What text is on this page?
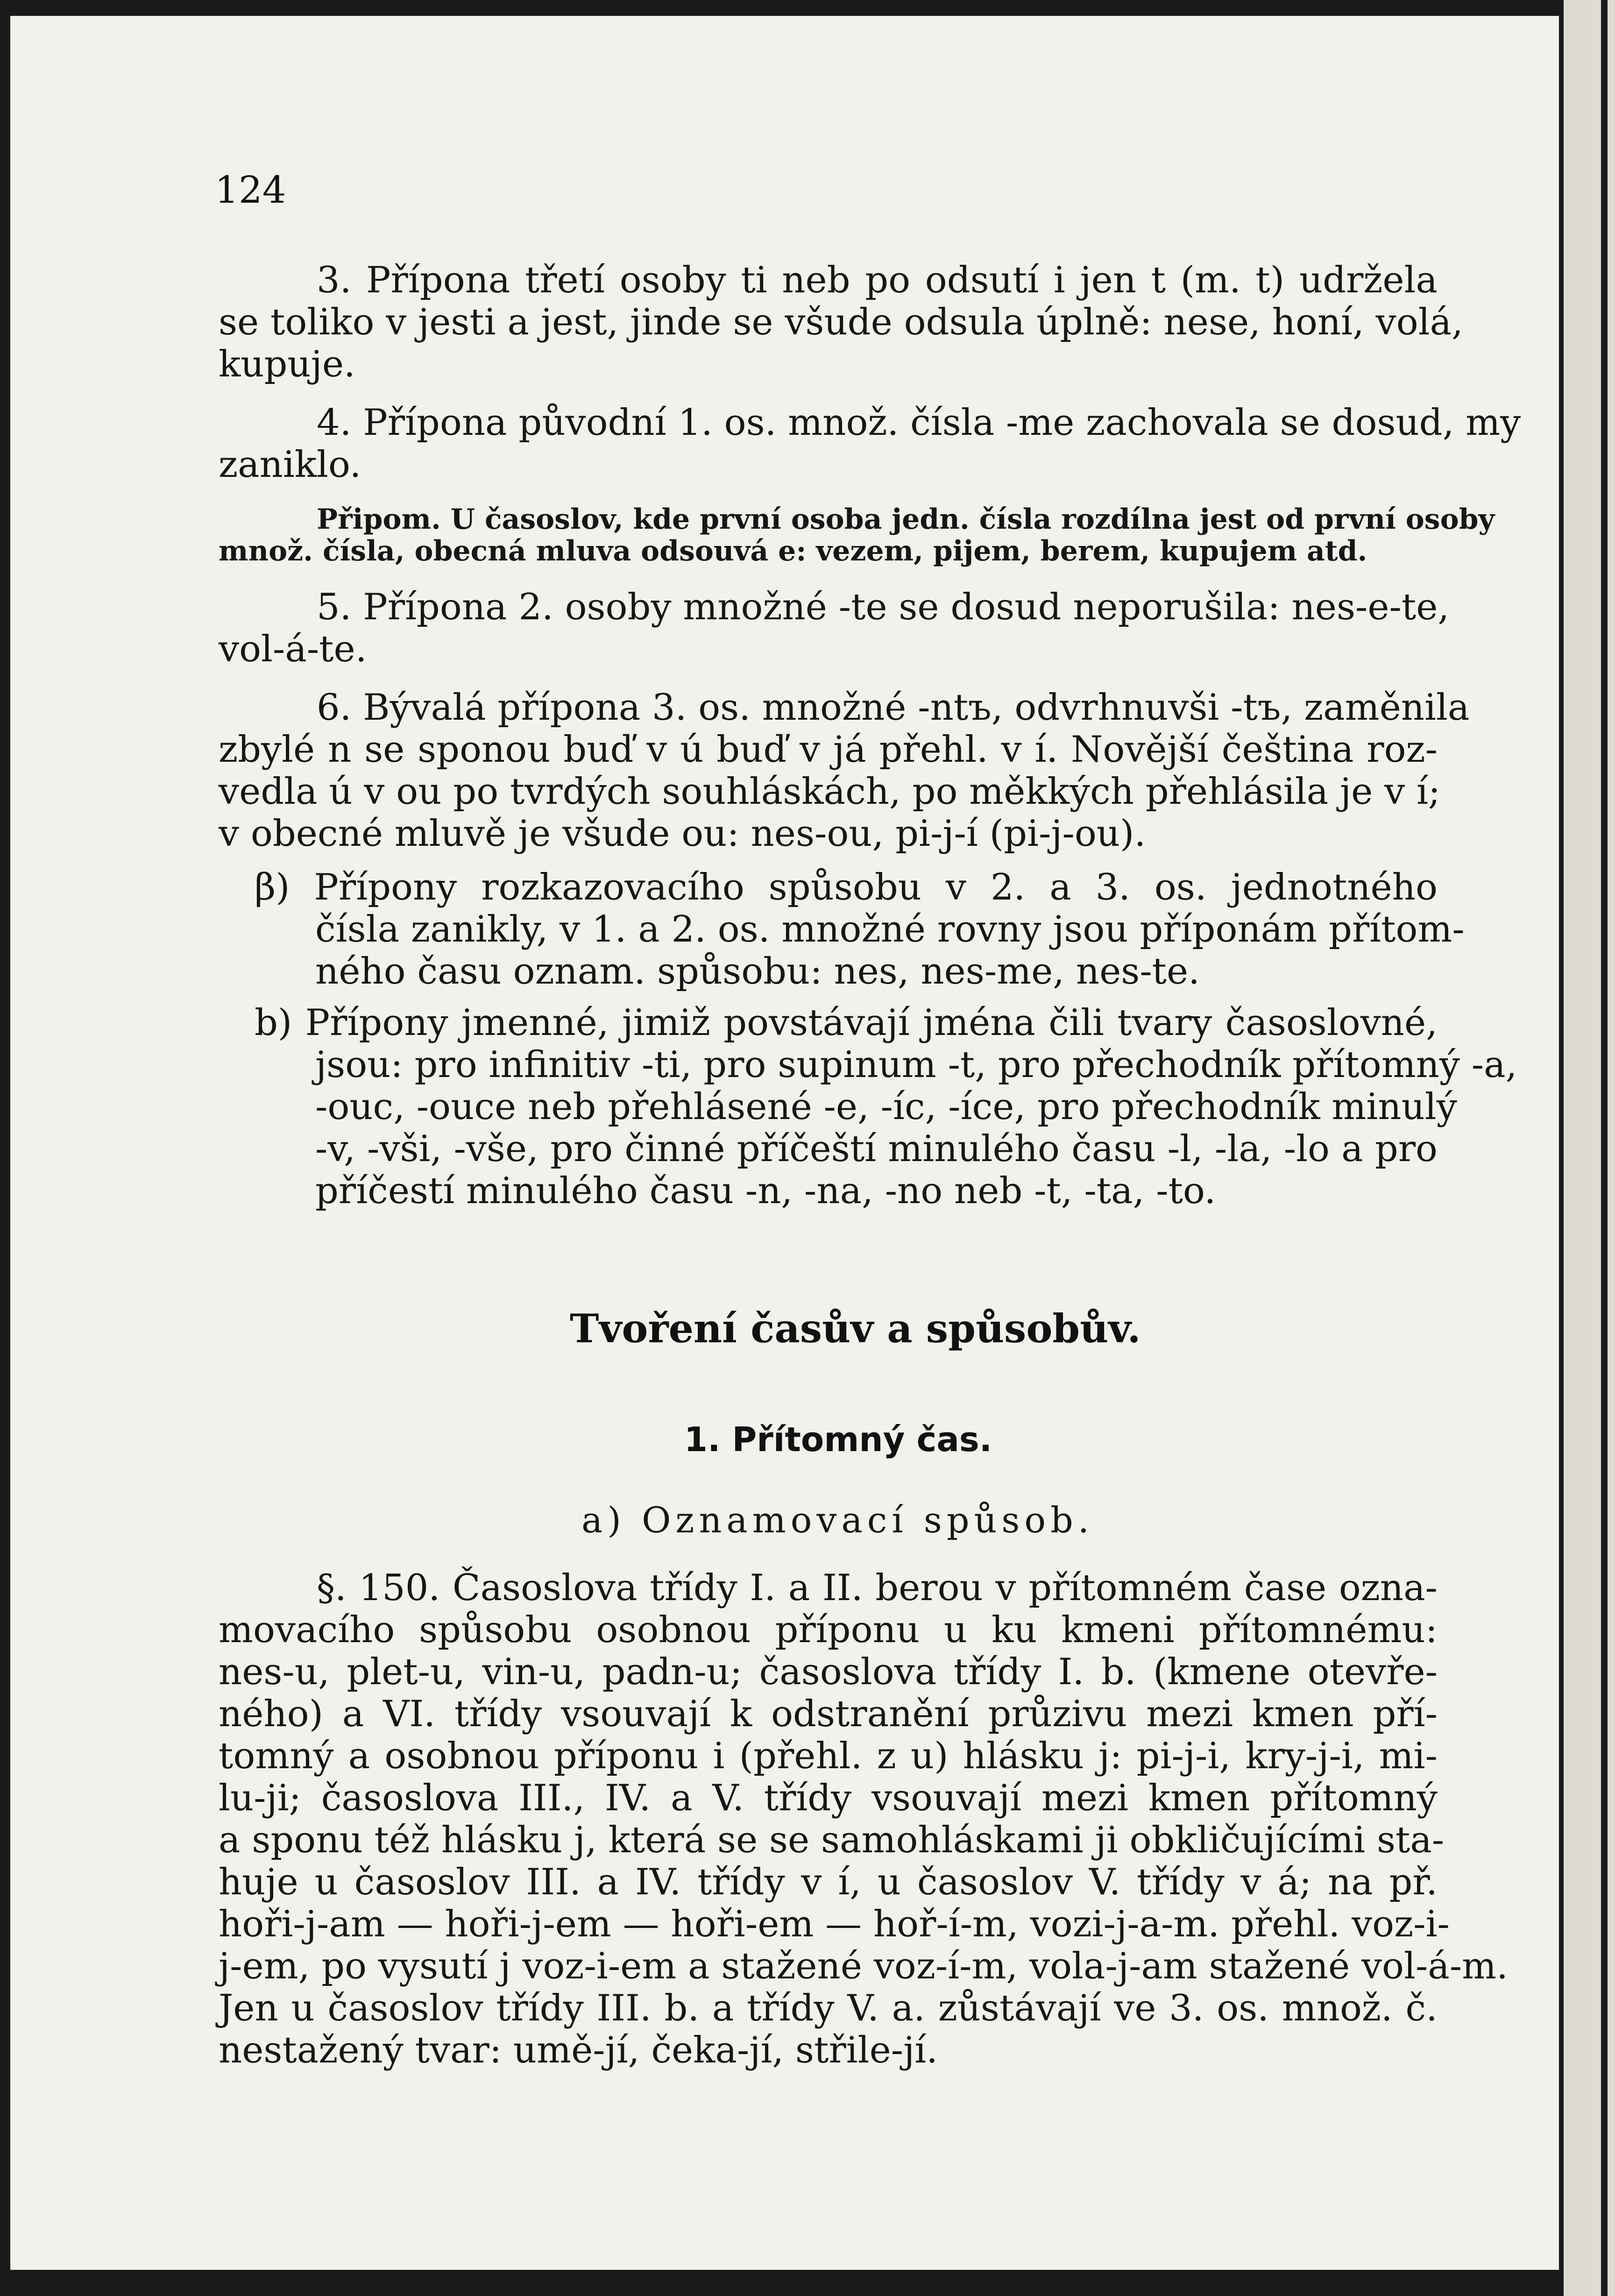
124
3. Přípona třetí osoby ti neb po odsutí i jen t (m. t) udržela
se toliko v jesti a jest, jinde se všude odsula úplně: nese, honí, volá,
kupuje.
4. Přípona původní 1. os. množ. čísla -me zachovala se dosud, my
zaniklo.
Připom. U časoslov, kde první osoba jedn. čísla rozdílna jest od první osoby
množ. čísla, obecná mluva odsouvá e: vezem, pijem, berem, kupujem atd.
5. Přípona 2. osoby množné -te se dosud neporušila: nes-e-te,
vol-á-te.
6. Bývalá přípona 3. os. množné -ntъ, odvrhnuvši -tъ, zaměnila
zbylé n se sponou buď v ú buď v já přehl. v í. Novější čeština roz-
vedla ú v ou po tvrdých souhláskách, po měkkých přehlásila je v í;
v obecné mluvě je všude ou: nes-ou, pi-j-í (pi-j-ou).
β) Přípony rozkazovacího spůsobu v 2. a 3. os. jednotného
čísla zanikly, v 1. a 2. os. množné rovny jsou příponám přítom-
ného času oznam. spůsobu: nes, nes-me, nes-te.
b) Přípony jmenné, jimiž povstávají jména čili tvary časoslovné,
jsou: pro infinitiv -ti, pro supinum -t, pro přechodník přítomný -a,
-ouc, -ouce neb přehlásené -e, -íc, -íce, pro přechodník minulý
-v, -vši, -vše, pro činné příčeští minulého času -l, -la, -lo a pro
příčestí minulého času -n, -na, -no neb -t, -ta, -to.
Tvoření časův a spůsobův.
1. Přítomný čas.
a) Oznamovací spůsob.
§. 150. Časoslova třídy I. a II. berou v přítomném čase ozna-
movacího spůsobu osobnou příponu u ku kmeni přítomnému:
nes-u, plet-u, vin-u, padn-u; časoslova třídy I. b. (kmene otevře-
ného) a VI. třídy vsouvají k odstranění průzivu mezi kmen pří-
tomný a osobnou příponu i (přehl. z u) hlásku j: pi-j-i, kry-j-i, mi-
lu-ji; časoslova III., IV. a V. třídy vsouvají mezi kmen přítomný
a sponu též hlásku j, která se se samohláskami ji obkličujícími sta-
huje u časoslov III. a IV. třídy v í, u časoslov V. třídy v á; na př.
hoři-j-am — hoři-j-em — hoři-em — hoř-í-m, vozi-j-a-m. přehl. voz-i-
j-em, po vysutí j voz-i-em a stažené voz-í-m, vola-j-am stažené vol-á-m.
Jen u časoslov třídy III. b. a třídy V. a. zůstávají ve 3. os. množ. č.
nestažený tvar: umě-jí, čeka-jí, střile-jí.
